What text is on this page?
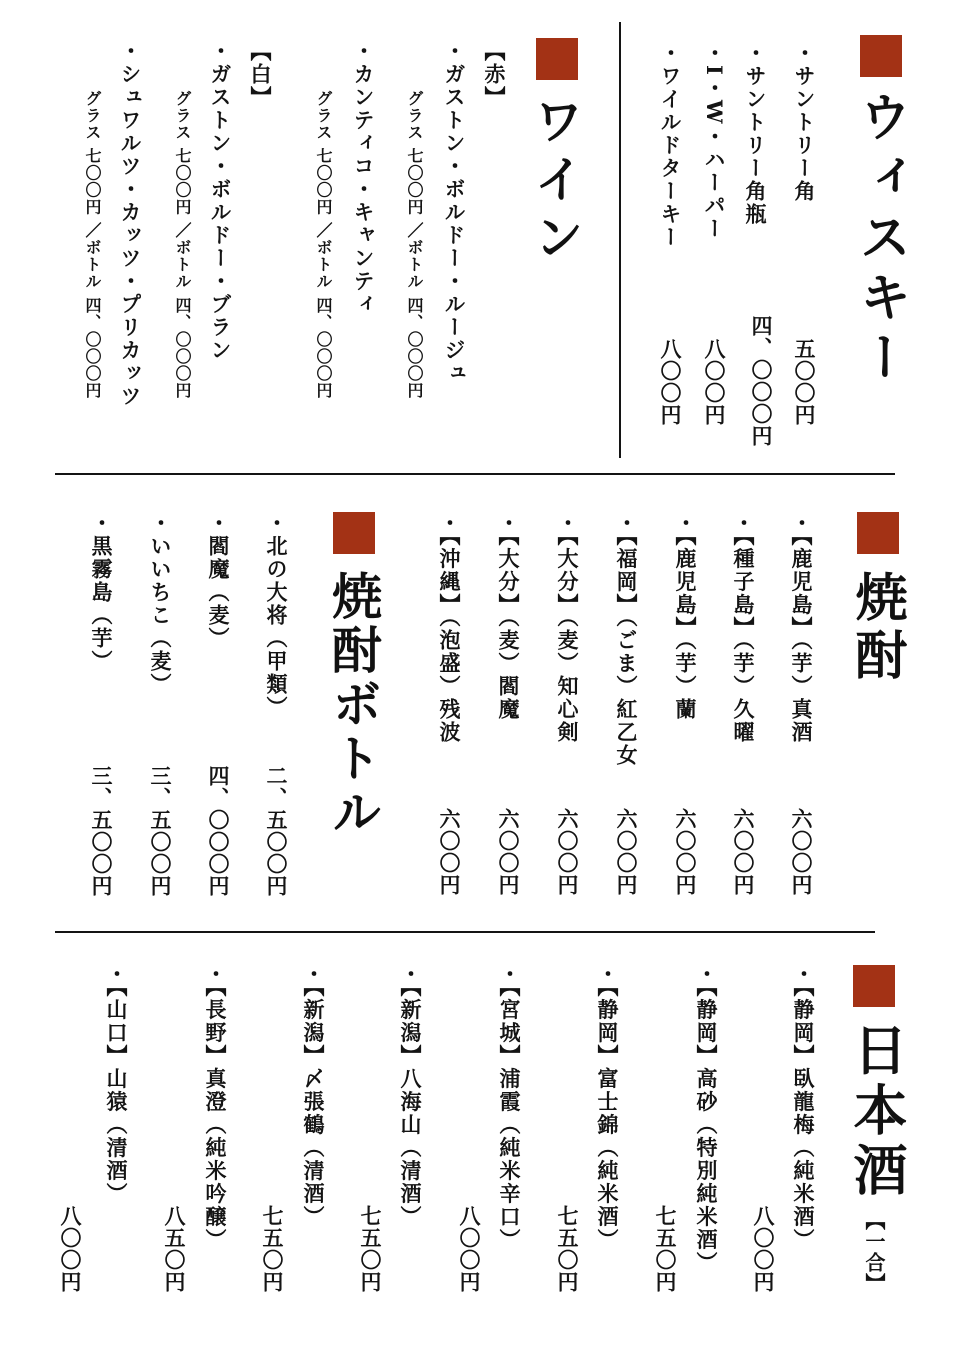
ウィスキー
ワイン
焼酎
焼酎ボトル
日本酒
【一合】
・サントリー角
五〇〇円
・サントリー角瓶
四、〇〇〇円
・I・W・ハーパー
八〇〇円
・ワイルドターキー
八〇〇円
【赤】
・ガストン・ボルドー・ルージュ
グラス 七〇〇円 ／ボトル 四、〇〇〇円
・カンティコ・キャンティ
グラス 七〇〇円 ／ボトル 四、〇〇〇円
【白】
・ガストン・ボルドー・ブラン
グラス 七〇〇円 ／ボトル 四、〇〇〇円
・シュワルツ・カッツ・プリカッツ
グラス 七〇〇円 ／ボトル 四、〇〇〇円
・【鹿児島】（芋）真酒
六〇〇円
・【種子島】（芋）久曜
六〇〇円
・【鹿児島】（芋）蘭
六〇〇円
・【福岡】（ごま）紅乙女
六〇〇円
・【大分】（麦）知心剣
六〇〇円
・【大分】（麦）閻魔
六〇〇円
・【沖縄】（泡盛）残波
六〇〇円
・北の大将（甲類）
二、五〇〇円
・閻魔（麦）
四、〇〇〇円
・いいちこ（麦）
三、五〇〇円
・黒霧島（芋）
三、五〇〇円
・【静岡】臥龍梅（純米酒）
八〇〇円
・【静岡】高砂（特別純米酒）
七五〇円
・【静岡】富士錦（純米酒）
七五〇円
・【宮城】浦霞（純米辛口）
八〇〇円
・【新潟】八海山（清酒）
七五〇円
・【新潟】〆張鶴（清酒）
七五〇円
・【長野】真澄（純米吟醸）
八五〇円
・【山口】山猿（清酒）
八〇〇円
